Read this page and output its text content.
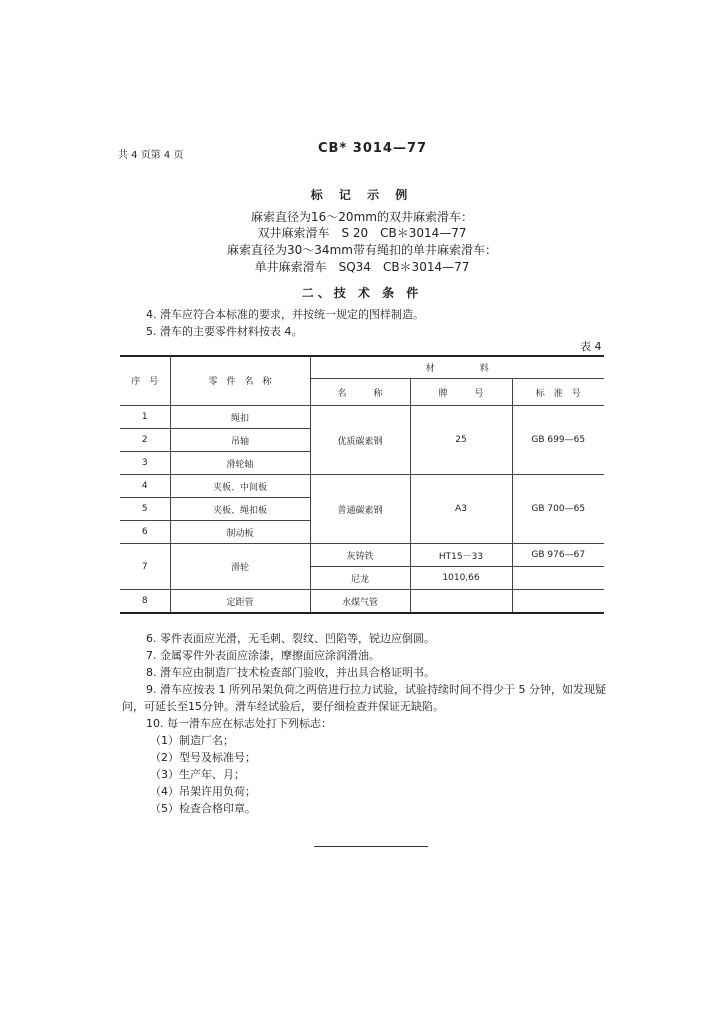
共 4 页第 4 页	CB* 3014—77
标 记 示 例
麻索直径为16～20mm的双井麻索滑车：
双井麻索滑车　S 20　CB＊3014—77
麻索直径为30～34mm带有绳扣的单井麻索滑车：
单井麻索滑车　SQ34　CB＊3014—77
二、技 术 条 件
4. 滑车应符合本标准的要求，并按统一规定的图样制造。
5. 滑车的主要零件材料按表 4。
表 4
序　号	零　件　名　称	材　　　　　料		
		名　　　称	牌　　　号	标　准　号
1	绳扣	优质碳素钢	25	GB 699—65
2	吊轴			
3	滑轮轴			
4	夹板、中间板	普通碳素钢	A3	GB 700—65
5	夹板、绳扣板			
6	制动板			
7	滑轮	灰铸铁	HT15－33	GB 976—67
		尼龙	1010,66	
8	定距管	水煤气管		
6. 零件表面应光滑，无毛刺、裂纹、凹陷等，锐边应倒圆。
7. 金属零件外表面应涂漆，摩擦面应涂润滑油。
8. 滑车应由制造厂技术检查部门验收，并出具合格证明书。
9. 滑车应按表 1 所列吊架负荷之两倍进行拉力试验，试验持续时间不得少于 5 分钟，如发现疑
问，可延长至15分钟。滑车经试验后，要仔细检查并保证无缺陷。
10. 每一滑车应在标志处打下列标志：
（1）制造厂名；
（2）型号及标准号；
（3）生产年、月；
（4）吊架许用负荷；
（5）检查合格印章。
